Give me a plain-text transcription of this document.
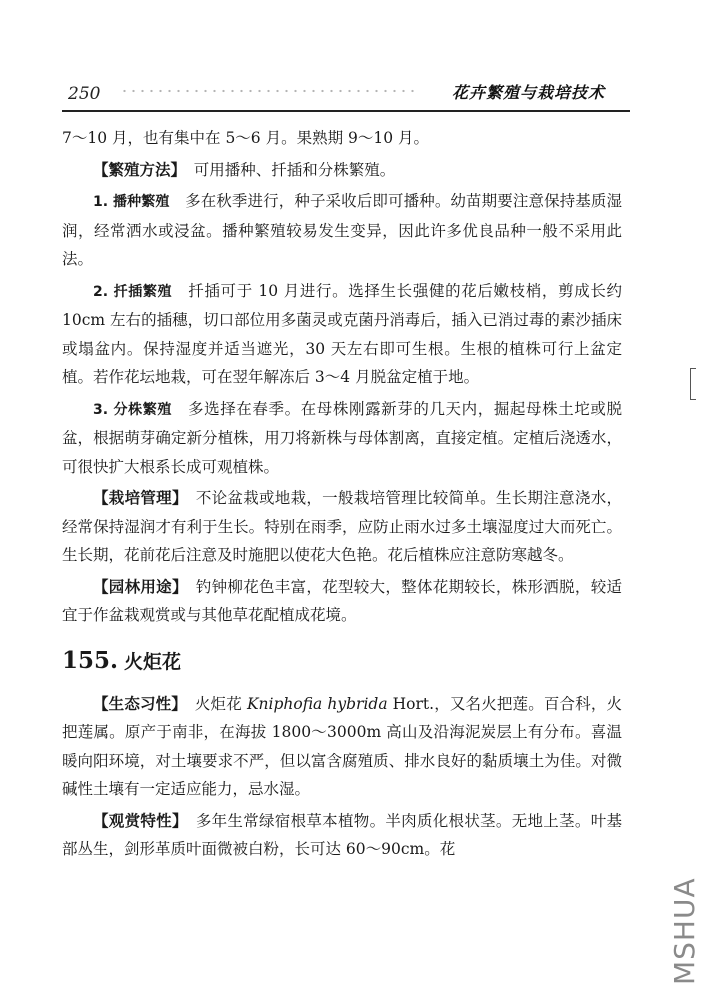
250	花卉繁殖与栽培技术

7～10 月，也有集中在 5～6 月。果熟期 9～10 月。

【繁殖方法】　可用播种、扦插和分株繁殖。

1. 播种繁殖　多在秋季进行，种子采收后即可播种。幼苗期要注意保持基质湿润，经常洒水或浸盆。播种繁殖较易发生变异，因此许多优良品种一般不采用此法。

2. 扦插繁殖　扦插可于 10 月进行。选择生长强健的花后嫩枝梢，剪成长约 10cm 左右的插穗，切口部位用多菌灵或克菌丹消毒后，插入已消过毒的素沙插床或塌盆内。保持湿度并适当遮光，30 天左右即可生根。生根的植株可行上盆定植。若作花坛地栽，可在翌年解冻后 3～4 月脱盆定植于地。

3. 分株繁殖　多选择在春季。在母株刚露新芽的几天内，掘起母株土坨或脱盆，根据萌芽确定新分植株，用刀将新株与母体割离，直接定植。定植后浇透水，可很快扩大根系长成可观植株。

【栽培管理】　不论盆栽或地栽，一般栽培管理比较简单。生长期注意浇水，经常保持湿润才有利于生长。特别在雨季，应防止雨水过多土壤湿度过大而死亡。生长期，花前花后注意及时施肥以使花大色艳。花后植株应注意防寒越冬。

【园林用途】　钓钟柳花色丰富，花型较大，整体花期较长，株形洒脱，较适宜于作盆栽观赏或与其他草花配植成花境。

155. 火炬花

【生态习性】　火炬花 Kniphofia hybrida Hort.，又名火把莲。百合科，火把莲属。原产于南非，在海拔 1800～3000m 高山及沿海泥炭层上有分布。喜温暖向阳环境，对土壤要求不严，但以富含腐殖质、排水良好的黏质壤土为佳。对微碱性土壤有一定适应能力，忌水湿。

【观赏特性】　多年生常绿宿根草本植物。半肉质化根状茎。无地上茎。叶基部丛生，剑形革质叶面微被白粉，长可达 60～90cm。花

MSHUA
